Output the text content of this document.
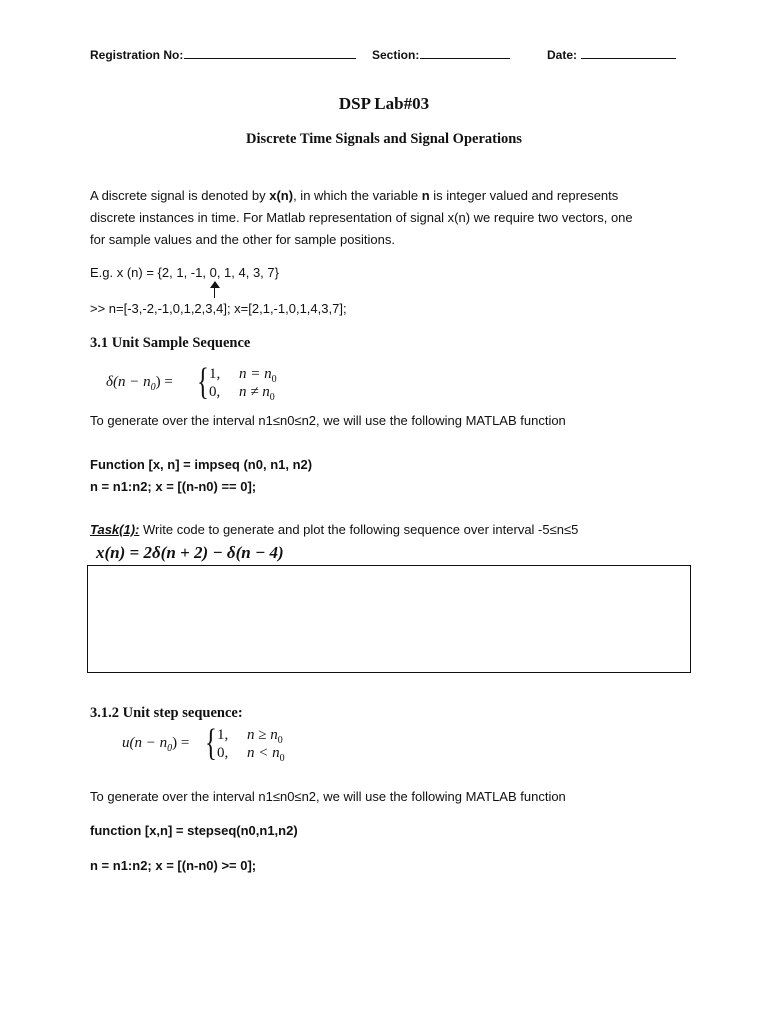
Registration No:	Section:	Date:
DSP Lab#03
Discrete Time Signals and Signal Operations
A discrete signal is denoted by x(n), in which the variable n is integer valued and represents
discrete instances in time. For Matlab representation of signal x(n) we require two vectors, one
for sample values and the other for sample positions.
E.g. x (n) = {2, 1, -1, 0, 1, 4, 3, 7}
>> n=[-3,-2,-1,0,1,2,3,4]; x=[2,1,-1,0,1,4,3,7];
3.1 Unit Sample Sequence
$\delta(n - n_0)$ = { 1, $n = n_0$
0, $n \ne n_0$
To generate over the interval n1≤n0≤n2, we will use the following MATLAB function
Function [x, n] = impseq (n0, n1, n2)
n = n1:n2; x = [(n-n0) == 0];
Task(1): Write code to generate and plot the following sequence over interval -5≤n≤5
x(n) = 2δ(n + 2) − δ(n − 4)
3.1.2 Unit step sequence:
$u(n - n_0)$ = { 1, $n \ge n_0$
0, $n < n_0$
To generate over the interval n1≤n0≤n2, we will use the following MATLAB function
function [x,n] = stepseq(n0,n1,n2)
n = n1:n2; x = [(n-n0) >= 0];
